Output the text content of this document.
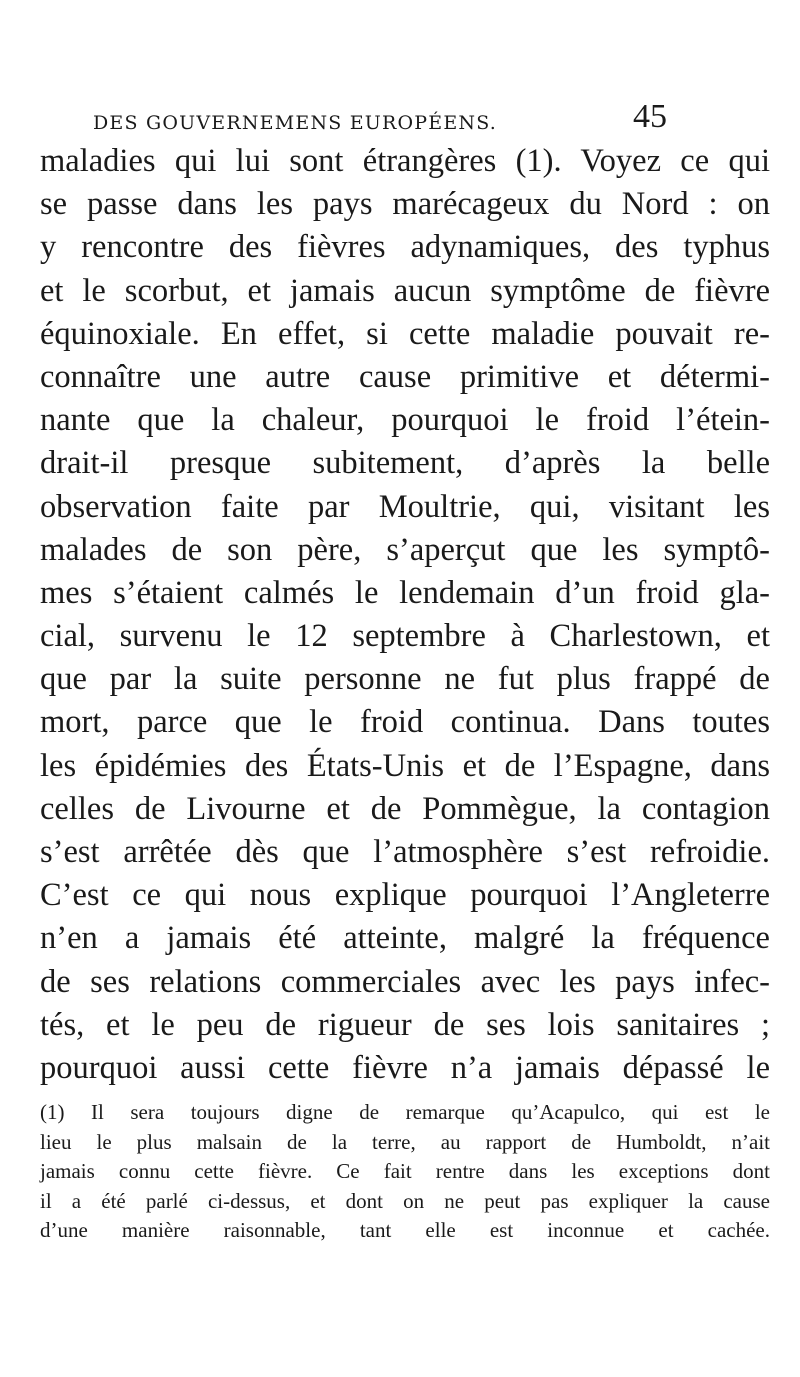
DES GOUVERNEMENS EUROPÉENS.	45
maladies qui lui sont étrangères (1). Voyez ce qui
se passe dans les pays marécageux du Nord : on
y rencontre des fièvres adynamiques, des typhus
et le scorbut, et jamais aucun symptôme de fièvre
équinoxiale. En effet, si cette maladie pouvait re-
connaître une autre cause primitive et détermi-
nante que la chaleur, pourquoi le froid l’étein-
drait-il presque subitement, d’après la belle
observation faite par Moultrie, qui, visitant les
malades de son père, s’aperçut que les symptô-
mes s’étaient calmés le lendemain d’un froid gla-
cial, survenu le 12 septembre à Charlestown, et
que par la suite personne ne fut plus frappé de
mort, parce que le froid continua. Dans toutes
les épidémies des États-Unis et de l’Espagne, dans
celles de Livourne et de Pommègue, la contagion
s’est arrêtée dès que l’atmosphère s’est refroidie.
C’est ce qui nous explique pourquoi l’Angleterre
n’en a jamais été atteinte, malgré la fréquence
de ses relations commerciales avec les pays infec-
tés, et le peu de rigueur de ses lois sanitaires ;
pourquoi aussi cette fièvre n’a jamais dépassé le
(1) Il sera toujours digne de remarque qu’Acapulco, qui est le
lieu le plus malsain de la terre, au rapport de Humboldt, n’ait
jamais connu cette fièvre. Ce fait rentre dans les exceptions dont
il a été parlé ci-dessus, et dont on ne peut pas expliquer la cause
d’une manière raisonnable, tant elle est inconnue et cachée.
